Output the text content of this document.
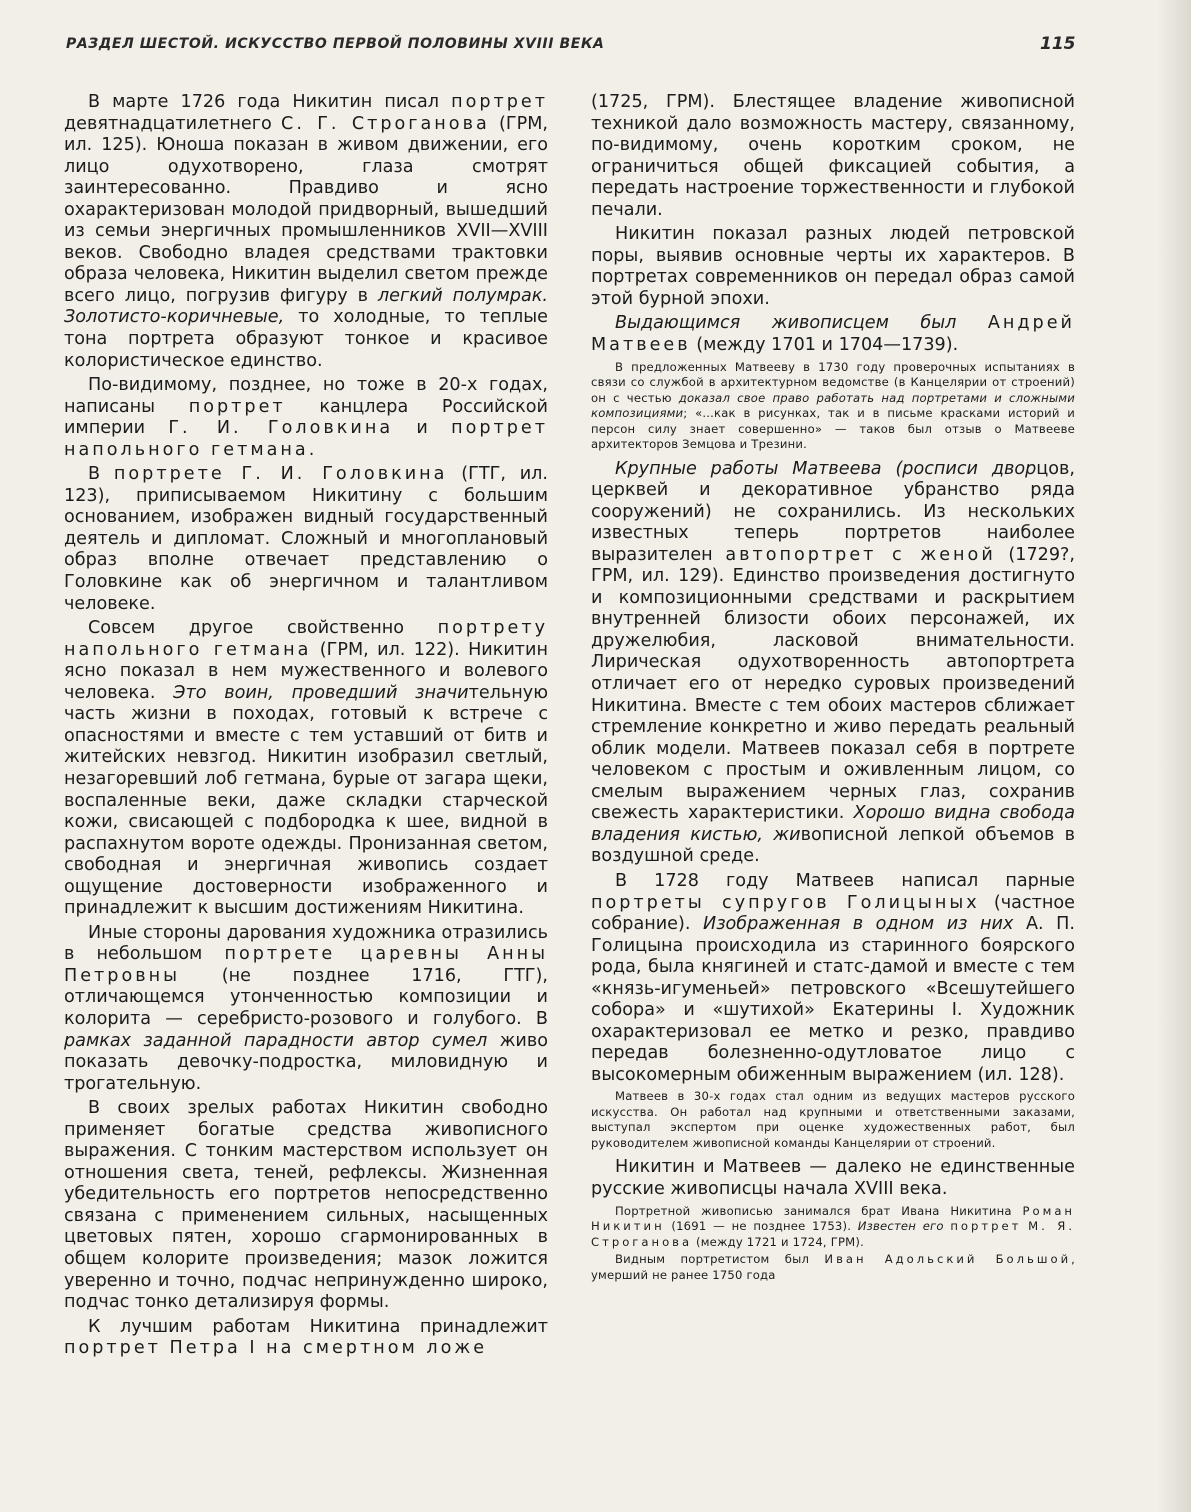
РАЗДЕЛ ШЕСТОЙ. ИСКУССТВО ПЕРВОЙ ПОЛОВИНЫ XVIII ВЕКА	115

В марте 1726 года Никитин писал портрет девятнадцатилетнего С. Г. Строганова (ГРМ, ил. 125). Юноша показан в живом движении, его лицо одухотворено, глаза смотрят заинтересованно. Правдиво и ясно охарактеризован молодой придворный, вышедший из семьи энергичных промышленников XVII—XVIII веков. Свободно владея средствами трактовки образа человека, Никитин выделил светом прежде всего лицо, погрузив фигуру в легкий полумрак. Золотисто-коричневые, то холодные, то теплые тона портрета образуют тонкое и красивое колористическое единство.

По-видимому, позднее, но тоже в 20-х годах, написаны портрет канцлера Российской империи Г. И. Головкина и портрет напольного гетмана.

В портрете Г. И. Головкина (ГТГ, ил. 123), приписываемом Никитину с большим основанием, изображен видный государственный деятель и дипломат. Сложный и многоплановый образ вполне отвечает представлению о Головкине как об энергичном и талантливом человеке.

Совсем другое свойственно портрету напольного гетмана (ГРМ, ил. 122). Никитин ясно показал в нем мужественного и волевого человека. Это воин, проведший значительную часть жизни в походах, готовый к встрече с опасностями и вместе с тем уставший от битв и житейских невзгод. Никитин изобразил светлый, незагоревший лоб гетмана, бурые от загара щеки, воспаленные веки, даже складки старческой кожи, свисающей с подбородка к шее, видной в распахнутом вороте одежды. Пронизанная светом, свободная и энергичная живопись создает ощущение достоверности изображенного и принадлежит к высшим достижениям Никитина.

Иные стороны дарования художника отразились в небольшом портрете царевны Анны Петровны (не позднее 1716, ГТГ), отличающемся утонченностью композиции и колорита — серебристо-розового и голубого. В рамках заданной парадности автор сумел живо показать девочку-подростка, миловидную и трогательную.

В своих зрелых работах Никитин свободно применяет богатые средства живописного выражения. С тонким мастерством использует он отношения света, теней, рефлексы. Жизненная убедительность его портретов непосредственно связана с применением сильных, насыщенных цветовых пятен, хорошо сгармонированных в общем колорите произведения; мазок ложится уверенно и точно, подчас непринужденно широко, подчас тонко детализируя формы.

К лучшим работам Никитина принадлежит портрет Петра I на смертном ложе

(1725, ГРМ). Блестящее владение живописной техникой дало возможность мастеру, связанному, по-видимому, очень коротким сроком, не ограничиться общей фиксацией события, а передать настроение торжественности и глубокой печали.

Никитин показал разных людей петровской поры, выявив основные черты их характеров. В портретах современников он передал образ самой этой бурной эпохи.

Выдающимся живописцем был Андрей Матвеев (между 1701 и 1704—1739).

В предложенных Матвееву в 1730 году проверочных испытаниях в связи со службой в архитектурном ведомстве (в Канцелярии от строений) он с честью доказал свое право работать над портретами и сложными композициями; «...как в рисунках, так и в письме красками историй и персон силу знает совершенно» — таков был отзыв о Матвееве архитекторов Земцова и Трезини.

Крупные работы Матвеева (росписи дворцов, церквей и декоративное убранство ряда сооружений) не сохранились. Из нескольких известных теперь портретов наиболее выразителен автопортрет с женой (1729?, ГРМ, ил. 129). Единство произведения достигнуто и композиционными средствами и раскрытием внутренней близости обоих персонажей, их дружелюбия, ласковой внимательности. Лирическая одухотворенность автопортрета отличает его от нередко суровых произведений Никитина. Вместе с тем обоих мастеров сближает стремление конкретно и живо передать реальный облик модели. Матвеев показал себя в портрете человеком с простым и оживленным лицом, со смелым выражением черных глаз, сохранив свежесть характеристики. Хорошо видна свобода владения кистью, живописной лепкой объемов в воздушной среде.

В 1728 году Матвеев написал парные портреты супругов Голицыных (частное собрание). Изображенная в одном из них А. П. Голицына происходила из старинного боярского рода, была княгиней и статс-дамой и вместе с тем «князь-игуменьей» петровского «Всешутейшего собора» и «шутихой» Екатерины I. Художник охарактеризовал ее метко и резко, правдиво передав болезненно-одутловатое лицо с высокомерным обиженным выражением (ил. 128).

Матвеев в 30-х годах стал одним из ведущих мастеров русского искусства. Он работал над крупными и ответственными заказами, выступал экспертом при оценке художественных работ, был руководителем живописной команды Канцелярии от строений.

Никитин и Матвеев — далеко не единственные русские живописцы начала XVIII века.

Портретной живописью занимался брат Ивана Никитина Роман Никитин (1691 — не позднее 1753). Известен его портрет М. Я. Строганова (между 1721 и 1724, ГРМ).

Видным портретистом был Иван Адольский Большой, умерший не ранее 1750 года
